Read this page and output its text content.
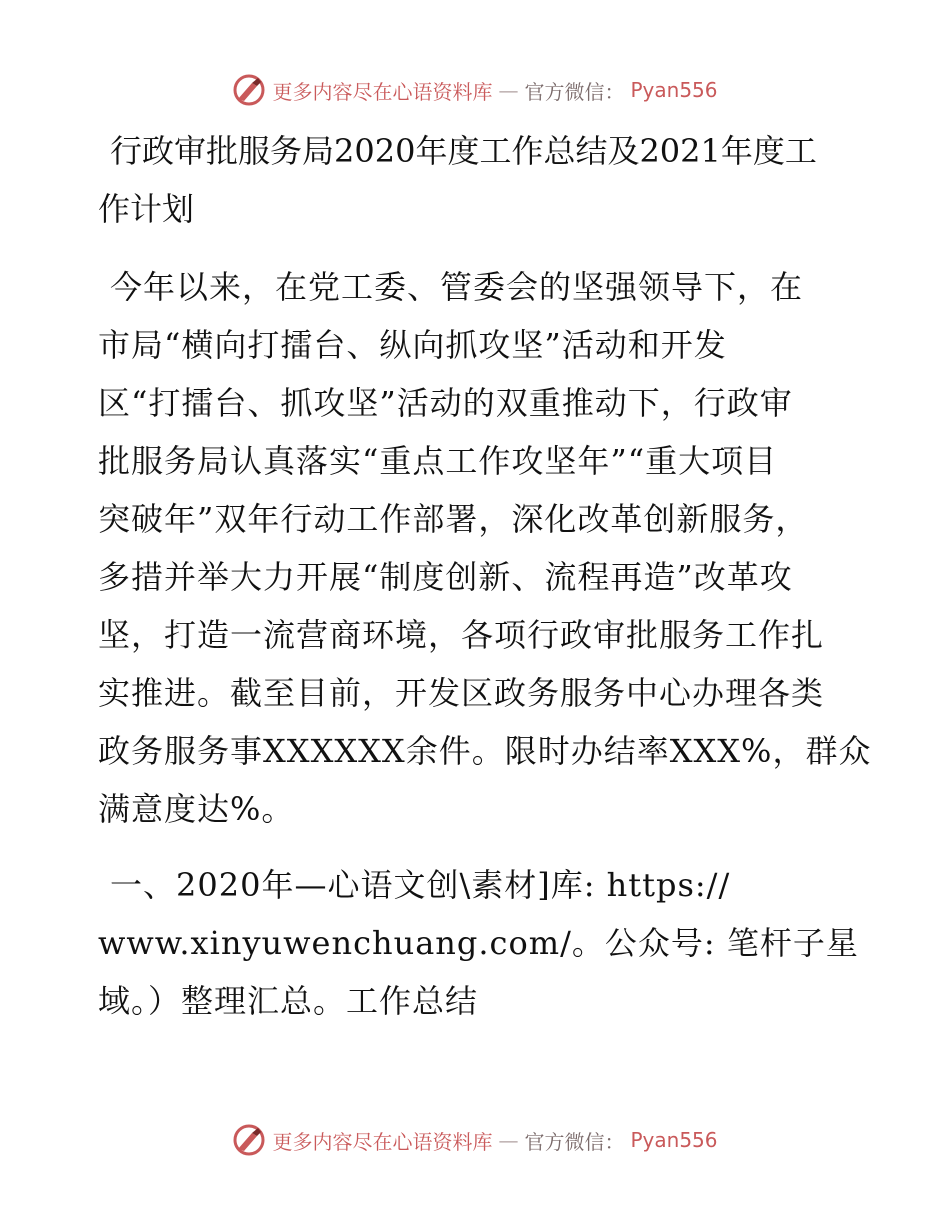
更多内容尽在心语资料库 — 官方微信： Pyan556
行政审批服务局2020年度工作总结及2021年度工
作计划
今年以来，在党工委、管委会的坚强领导下，在
市局“横向打擂台、纵向抓攻坚”活动和开发
区“打擂台、抓攻坚”活动的双重推动下，行政审
批服务局认真落实“重点工作攻坚年”“重大项目
突破年”双年行动工作部署，深化改革创新服务，
多措并举大力开展“制度创新、流程再造”改革攻
坚，打造一流营商环境，各项行政审批服务工作扎
实推进。截至目前，开发区政务服务中心办理各类
政务服务事XXXXXX余件。限时办结率XXX%，群众
满意度达%。
一、2020年—心语文创\素材]库: https://
www.xinyuwenchuang.com/。公众号: 笔杆子星
域。）整理汇总。工作总结
更多内容尽在心语资料库 — 官方微信： Pyan556
